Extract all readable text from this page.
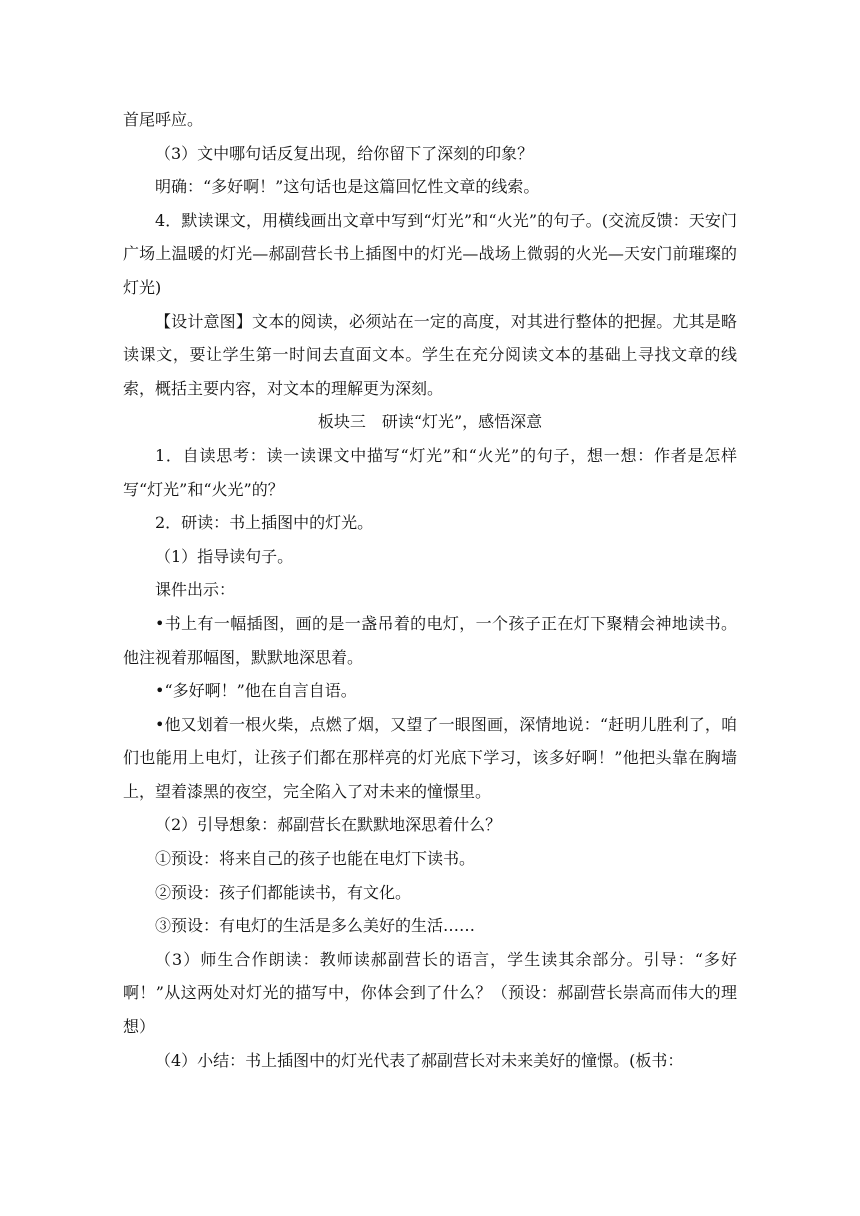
首尾呼应。

（3）文中哪句话反复出现，给你留下了深刻的印象？

明确：“多好啊！”这句话也是这篇回忆性文章的线索。

4．默读课文，用横线画出文章中写到“灯光”和“火光”的句子。(交流反馈：天安门广场上温暖的灯光—郝副营长书上插图中的灯光—战场上微弱的火光—天安门前璀璨的灯光)

【设计意图】文本的阅读，必须站在一定的高度，对其进行整体的把握。尤其是略读课文，要让学生第一时间去直面文本。学生在充分阅读文本的基础上寻找文章的线索，概括主要内容，对文本的理解更为深刻。

板块三　研读“灯光”，感悟深意

1．自读思考：读一读课文中描写“灯光”和“火光”的句子，想一想：作者是怎样写“灯光”和“火光”的？

2．研读：书上插图中的灯光。

（1）指导读句子。

课件出示：

•书上有一幅插图，画的是一盏吊着的电灯，一个孩子正在灯下聚精会神地读书。他注视着那幅图，默默地深思着。

•“多好啊！”他在自言自语。

•他又划着一根火柴，点燃了烟，又望了一眼图画，深情地说：“赶明儿胜利了，咱们也能用上电灯，让孩子们都在那样亮的灯光底下学习，该多好啊！”他把头靠在胸墙上，望着漆黑的夜空，完全陷入了对未来的憧憬里。

（2）引导想象：郝副营长在默默地深思着什么？

①预设：将来自己的孩子也能在电灯下读书。

②预设：孩子们都能读书，有文化。

③预设：有电灯的生活是多么美好的生活……

（3）师生合作朗读：教师读郝副营长的语言，学生读其余部分。引导：“多好啊！”从这两处对灯光的描写中，你体会到了什么？（预设：郝副营长崇高而伟大的理想）

（4）小结：书上插图中的灯光代表了郝副营长对未来美好的憧憬。(板书：
